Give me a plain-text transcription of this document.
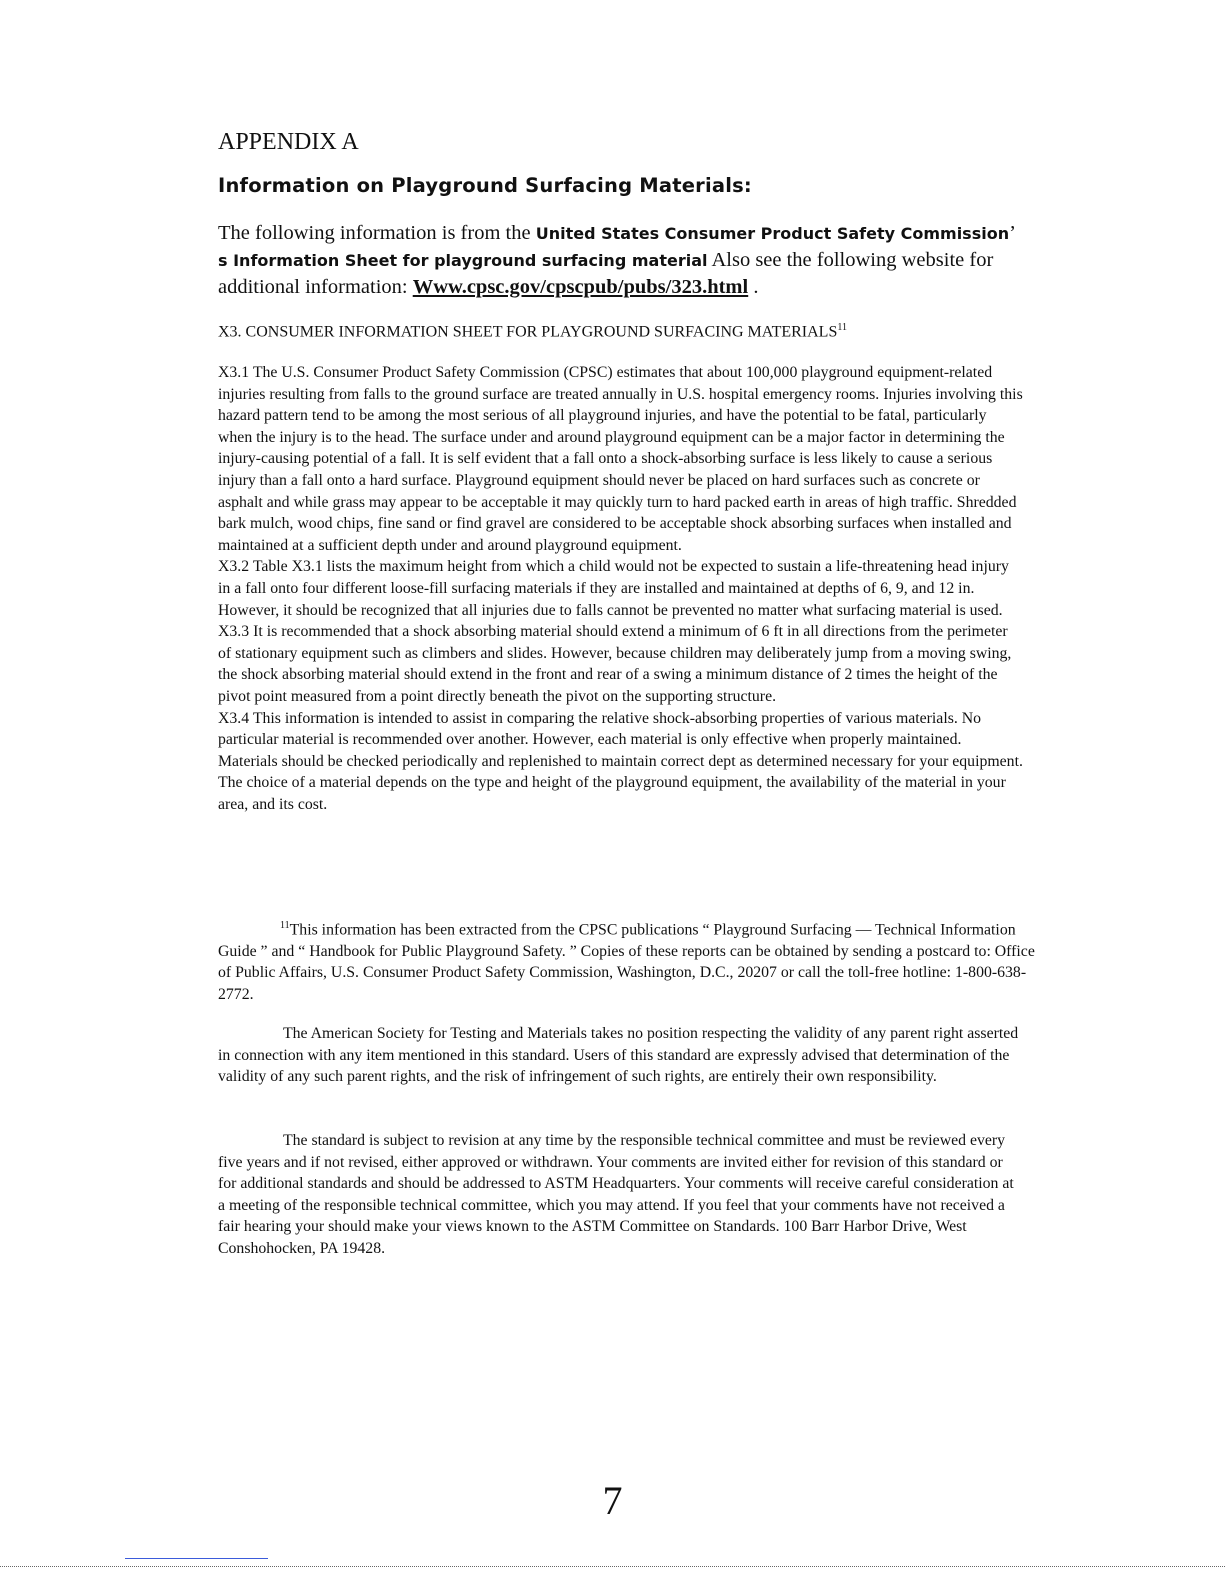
APPENDIX A
Information on Playground Surfacing Materials:

The following information is from the United States Consumer Product Safety Commission’ s Information Sheet for playground surfacing material Also see the following website for additional information: Www.cpsc.gov/cpscpub/pubs/323.html .

X3. CONSUMER INFORMATION SHEET FOR PLAYGROUND SURFACING MATERIALS$^{11}$

X3.1 The U.S. Consumer Product Safety Commission (CPSC) estimates that about 100,000 playground equipment-related injuries resulting from falls to the ground surface are treated annually in U.S. hospital emergency rooms. Injuries involving this hazard pattern tend to be among the most serious of all playground injuries, and have the potential to be fatal, particularly when the injury is to the head. The surface under and around playground equipment can be a major factor in determining the injury-causing potential of a fall. It is self evident that a fall onto a shock-absorbing surface is less likely to cause a serious injury than a fall onto a hard surface. Playground equipment should never be placed on hard surfaces such as concrete or asphalt and while grass may appear to be acceptable it may quickly turn to hard packed earth in areas of high traffic. Shredded bark mulch, wood chips, fine sand or find gravel are considered to be acceptable shock absorbing surfaces when installed and maintained at a sufficient depth under and around playground equipment.

X3.2 Table X3.1 lists the maximum height from which a child would not be expected to sustain a life-threatening head injury in a fall onto four different loose-fill surfacing materials if they are installed and maintained at depths of 6, 9, and 12 in. However, it should be recognized that all injuries due to falls cannot be prevented no matter what surfacing material is used.

X3.3 It is recommended that a shock absorbing material should extend a minimum of 6 ft in all directions from the perimeter of stationary equipment such as climbers and slides. However, because children may deliberately jump from a moving swing, the shock absorbing material should extend in the front and rear of a swing a minimum distance of 2 times the height of the pivot point measured from a point directly beneath the pivot on the supporting structure.

X3.4 This information is intended to assist in comparing the relative shock-absorbing properties of various materials. No particular material is recommended over another. However, each material is only effective when properly maintained. Materials should be checked periodically and replenished to maintain correct dept as determined necessary for your equipment. The choice of a material depends on the type and height of the playground equipment, the availability of the material in your area, and its cost.

$^{11}$This information has been extracted from the CPSC publications “ Playground Surfacing — Technical Information Guide ” and “ Handbook for Public Playground Safety. ” Copies of these reports can be obtained by sending a postcard to: Office of Public Affairs, U.S. Consumer Product Safety Commission, Washington, D.C., 20207 or call the toll-free hotline: 1-800-638-2772.

The American Society for Testing and Materials takes no position respecting the validity of any parent right asserted in connection with any item mentioned in this standard. Users of this standard are expressly advised that determination of the validity of any such parent rights, and the risk of infringement of such rights, are entirely their own responsibility.

The standard is subject to revision at any time by the responsible technical committee and must be reviewed every five years and if not revised, either approved or withdrawn. Your comments are invited either for revision of this standard or for additional standards and should be addressed to ASTM Headquarters. Your comments will receive careful consideration at a meeting of the responsible technical committee, which you may attend. If you feel that your comments have not received a fair hearing your should make your views known to the ASTM Committee on Standards. 100 Barr Harbor Drive, West Conshohocken, PA 19428.

7
